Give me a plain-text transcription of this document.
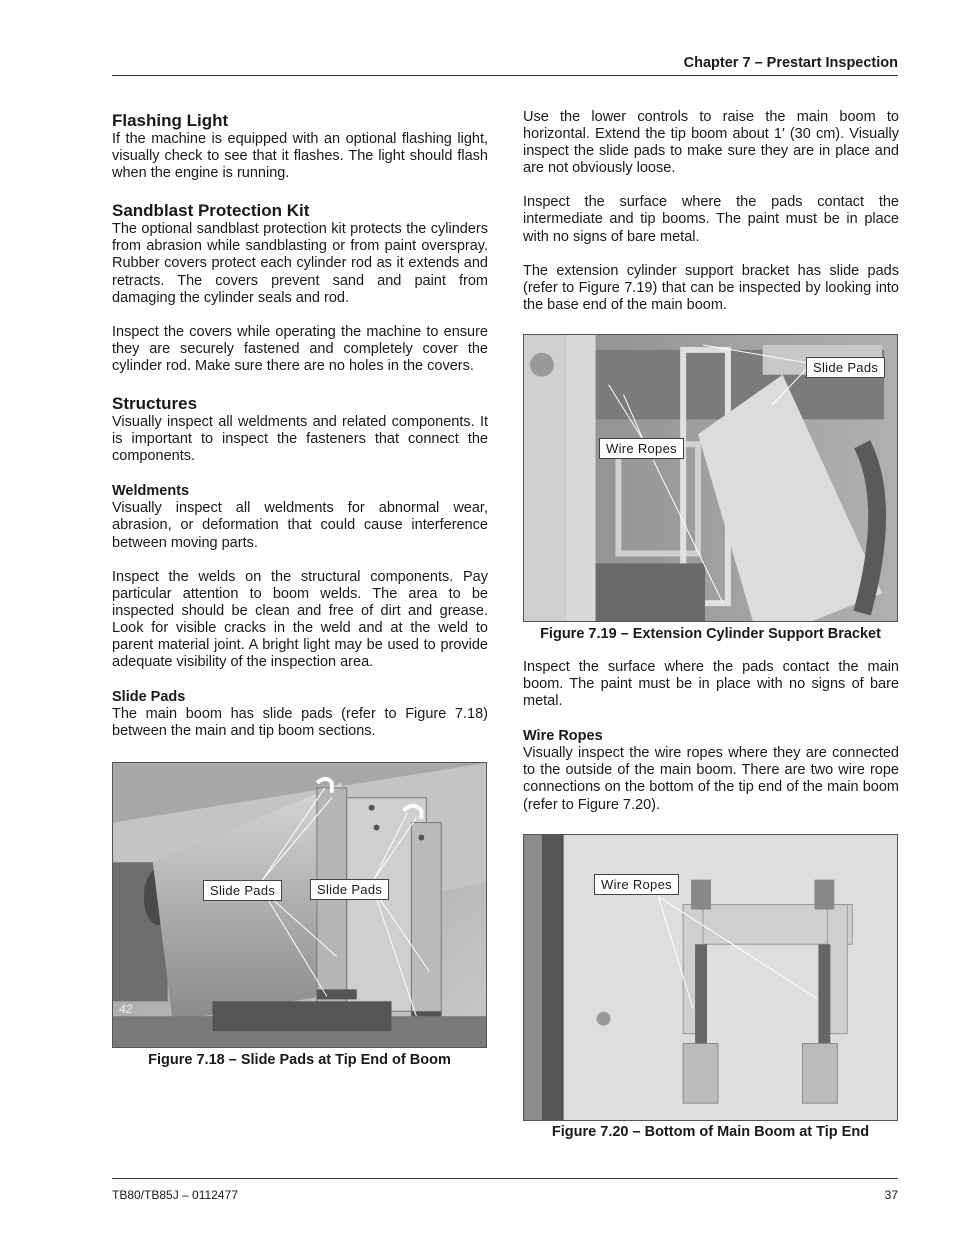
Chapter 7 – Prestart Inspection
Flashing Light

If the machine is equipped with an optional flashing light, visually check to see that it flashes. The light should flash when the engine is running.

Sandblast Protection Kit

The optional sandblast protection kit protects the cylinders from abrasion while sandblasting or from paint overspray. Rubber covers protect each cylinder rod as it extends and retracts. The covers prevent sand and paint from damaging the cylinder seals and rod.

Inspect the covers while operating the machine to ensure they are securely fastened and completely cover the cylinder rod. Make sure there are no holes in the covers.

Structures

Visually inspect all weldments and related components. It is important to inspect the fasteners that connect the components.

Weldments

Visually inspect all weldments for abnormal wear, abrasion, or deformation that could cause interference between moving parts.

Inspect the welds on the structural components. Pay particular attention to boom welds. The area to be inspected should be clean and free of dirt and grease. Look for visible cracks in the weld and at the weld to parent material joint. A bright light may be used to provide adequate visibility of the inspection area.

Slide Pads

The main boom has slide pads (refer to Figure 7.18) between the main and tip boom sections.

Use the lower controls to raise the main boom to horizontal. Extend the tip boom about 1′ (30 cm). Visually inspect the slide pads to make sure they are in place and are not obviously loose.

Inspect the surface where the pads contact the intermediate and tip booms. The paint must be in place with no signs of bare metal.

The extension cylinder support bracket has slide pads (refer to Figure 7.19) that can be inspected by looking into the base end of the main boom.

Inspect the surface where the pads contact the main boom. The paint must be in place with no signs of bare metal.

Wire Ropes

Visually inspect the wire ropes where they are connected to the outside of the main boom. There are two wire rope connections on the bottom of the tip end of the main boom (refer to Figure 7.20).

42
Slide Pads	Slide Pads
Figure 7.18 – Slide Pads at Tip End of Boom
Slide Pads
Wire Ropes
Figure 7.19 – Extension Cylinder Support Bracket
Wire Ropes
Figure 7.20 – Bottom of Main Boom at Tip End
TB80/TB85J – 0112477	37
